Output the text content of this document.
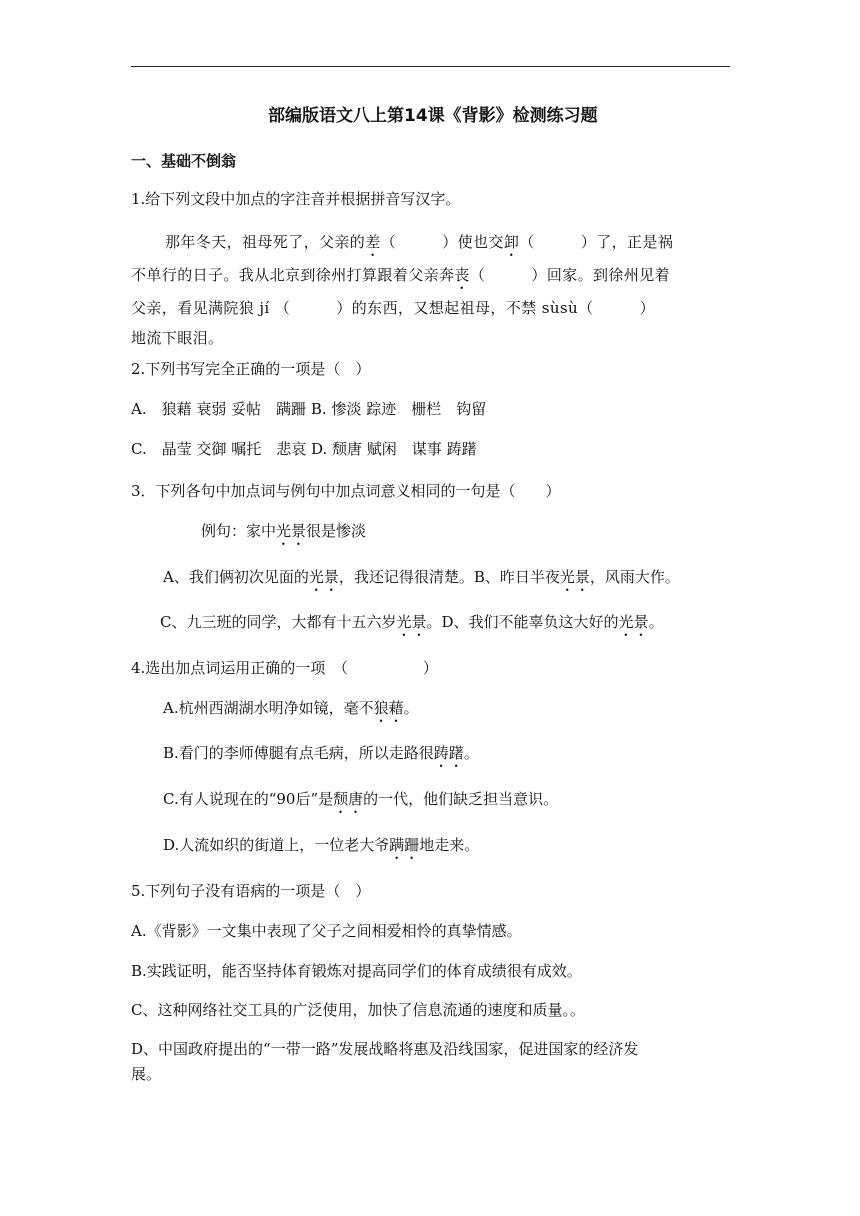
部编版语文八上第14课《背影》检测练习题
一、基础不倒翁
1.给下列文段中加点的字注音并根据拼音写汉字。
那年冬天，祖母死了，父亲的差（　　　）使也交卸（　　　）了，正是祸
不单行的日子。我从北京到徐州打算跟着父亲奔丧（　　　）回家。到徐州见着
父亲，看见满院狼 jí （　　　）的东西，又想起祖母，不禁 sùsù（　　　）
地流下眼泪。
2.下列书写完全正确的一项是（　）
A.　狼藉 衰弱 妥帖　蹒跚 B. 惨淡 踪迹　栅栏　钩留
C.　晶莹 交御 嘱托　悲哀 D. 颓唐 赋闲　谋事 踌躇
3．下列各句中加点词与例句中加点词意义相同的一句是（　　）
例句：家中光景很是惨淡
A、我们俩初次见面的光景，我还记得很清楚。B、昨日半夜光景，风雨大作。
C、九三班的同学，大都有十五六岁光景。D、我们不能辜负这大好的光景。
4.选出加点词运用正确的一项　（　　　　　）
A.杭州西湖湖水明净如镜，毫不狼藉。
B.看门的李师傅腿有点毛病，所以走路很踌躇。
C.有人说现在的“90后”是颓唐的一代，他们缺乏担当意识。
D.人流如织的街道上，一位老大爷蹒跚地走来。
5.下列句子没有语病的一项是（　）
A.《背影》一文集中表现了父子之间相爱相怜的真挚情感。
B.实践证明，能否坚持体育锻炼对提高同学们的体育成绩很有成效。
C、这种网络社交工具的广泛使用，加快了信息流通的速度和质量。。
D、中国政府提出的“一带一路”发展战略将惠及沿线国家，促进国家的经济发
展。
